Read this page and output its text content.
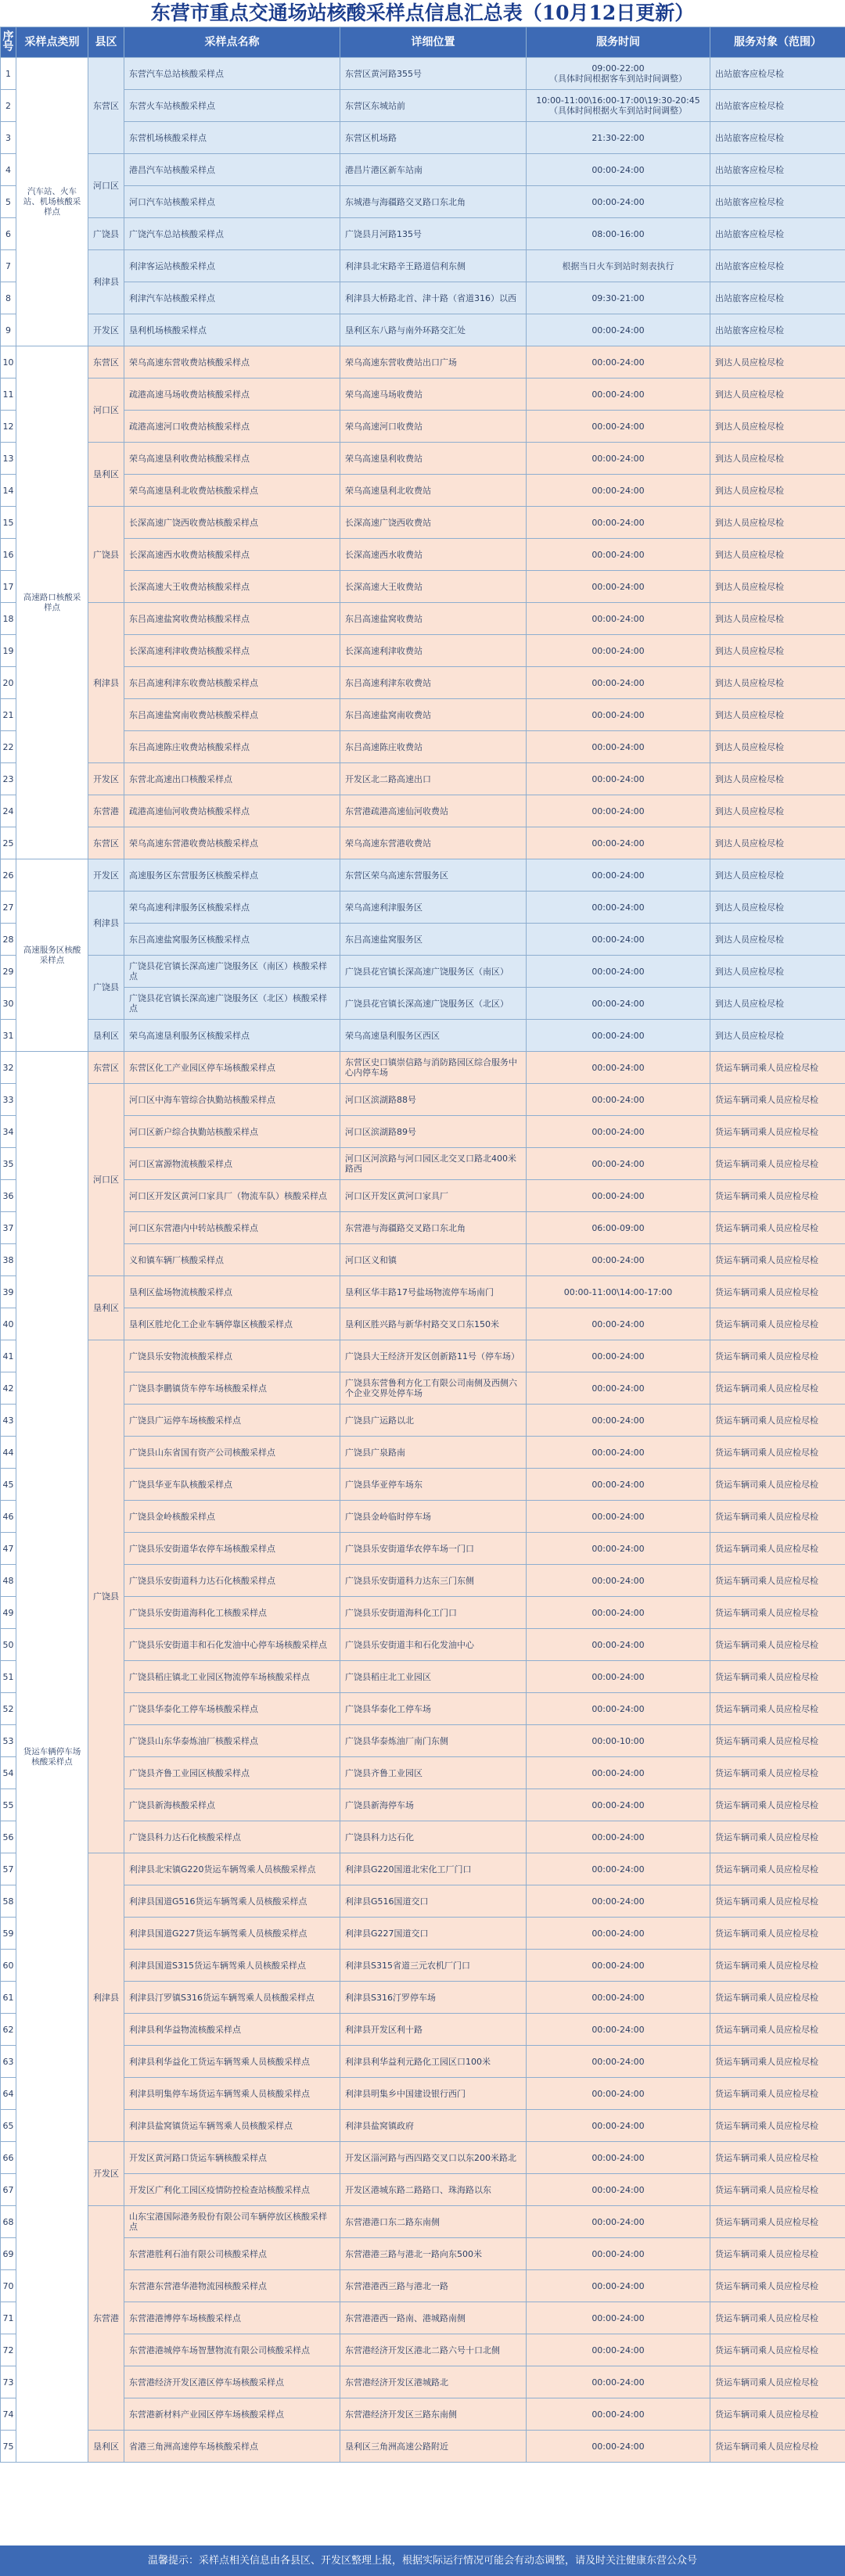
东营市重点交通场站核酸采样点信息汇总表（10月12日更新）
序号	采样点类别	县区	采样点名称	详细位置	服务时间	服务对象（范围）
1	汽车站、火车站、机场核酸采样点	东营区	东营汽车总站核酸采样点	东营区黄河路355号	09:00-22:00
（具体时间根据客车到站时间调整）	出站旅客应检尽检
2			东营火车站核酸采样点	东营区东城站前	10:00-11:00\16:00-17:00\19:30-20:45
（具体时间根据火车到站时间调整）	出站旅客应检尽检
3			东营机场核酸采样点	东营区机场路	21:30-22:00	出站旅客应检尽检
4		河口区	港昌汽车站核酸采样点	港昌片港区新车站南	00:00-24:00	出站旅客应检尽检
5			河口汽车站核酸采样点	东城港与海疆路交叉路口东北角	00:00-24:00	出站旅客应检尽检
6		广饶县	广饶汽车总站核酸采样点	广饶县月河路135号	08:00-16:00	出站旅客应检尽检
7		利津县	利津客运站核酸采样点	利津县北宋路辛王路道信利东侧	根据当日火车到站时刻表执行	出站旅客应检尽检
8			利津汽车站核酸采样点	利津县大桥路北首、津十路（省道316）以西	09:30-21:00	出站旅客应检尽检
9		开发区	垦利机场核酸采样点	垦利区东八路与南外环路交汇处	00:00-24:00	出站旅客应检尽检
10	高速路口核酸采样点	东营区	荣乌高速东营收费站核酸采样点	荣乌高速东营收费站出口广场	00:00-24:00	到达人员应检尽检
11		河口区	疏港高速马场收费站核酸采样点	荣乌高速马场收费站	00:00-24:00	到达人员应检尽检
12			疏港高速河口收费站核酸采样点	荣乌高速河口收费站	00:00-24:00	到达人员应检尽检
13		垦利区	荣乌高速垦利收费站核酸采样点	荣乌高速垦利收费站	00:00-24:00	到达人员应检尽检
14			荣乌高速垦利北收费站核酸采样点	荣乌高速垦利北收费站	00:00-24:00	到达人员应检尽检
15		广饶县	长深高速广饶西收费站核酸采样点	长深高速广饶西收费站	00:00-24:00	到达人员应检尽检
16			长深高速西水收费站核酸采样点	长深高速西水收费站	00:00-24:00	到达人员应检尽检
17			长深高速大王收费站核酸采样点	长深高速大王收费站	00:00-24:00	到达人员应检尽检
18		利津县	东吕高速盐窝收费站核酸采样点	东吕高速盐窝收费站	00:00-24:00	到达人员应检尽检
19			长深高速利津收费站核酸采样点	长深高速利津收费站	00:00-24:00	到达人员应检尽检
20			东吕高速利津东收费站核酸采样点	东吕高速利津东收费站	00:00-24:00	到达人员应检尽检
21			东吕高速盐窝南收费站核酸采样点	东吕高速盐窝南收费站	00:00-24:00	到达人员应检尽检
22			东吕高速陈庄收费站核酸采样点	东吕高速陈庄收费站	00:00-24:00	到达人员应检尽检
23		开发区	东营北高速出口核酸采样点	开发区北二路高速出口	00:00-24:00	到达人员应检尽检
24		东营港	疏港高速仙河收费站核酸采样点	东营港疏港高速仙河收费站	00:00-24:00	到达人员应检尽检
25		东营区	荣乌高速东营港收费站核酸采样点	荣乌高速东营港收费站	00:00-24:00	到达人员应检尽检
26	高速服务区核酸采样点	开发区	高速服务区东营服务区核酸采样点	东营区荣乌高速东营服务区	00:00-24:00	到达人员应检尽检
27		利津县	荣乌高速利津服务区核酸采样点	荣乌高速利津服务区	00:00-24:00	到达人员应检尽检
28			东吕高速盐窝服务区核酸采样点	东吕高速盐窝服务区	00:00-24:00	到达人员应检尽检
29		广饶县	广饶县花官镇长深高速广饶服务区（南区）核酸采样点	广饶县花官镇长深高速广饶服务区（南区）	00:00-24:00	到达人员应检尽检
30			广饶县花官镇长深高速广饶服务区（北区）核酸采样点	广饶县花官镇长深高速广饶服务区（北区）	00:00-24:00	到达人员应检尽检
31		垦利区	荣乌高速垦利服务区核酸采样点	荣乌高速垦利服务区西区	00:00-24:00	到达人员应检尽检
32	货运车辆停车场核酸采样点	东营区	东营区化工产业园区停车场核酸采样点	东营区史口镇崇信路与消防路园区综合服务中心内停车场	00:00-24:00	货运车辆司乘人员应检尽检
33		河口区	河口区中海车管综合执勤站核酸采样点	河口区滨湖路88号	00:00-24:00	货运车辆司乘人员应检尽检
34			河口区新户综合执勤站核酸采样点	河口区滨湖路89号	00:00-24:00	货运车辆司乘人员应检尽检
35			河口区富源物流核酸采样点	河口区河滨路与河口园区北交叉口路北400米路西	00:00-24:00	货运车辆司乘人员应检尽检
36			河口区开发区黄河口家具厂（物流车队）核酸采样点	河口区开发区黄河口家具厂	00:00-24:00	货运车辆司乘人员应检尽检
37			河口区东营港内中转站核酸采样点	东营港与海疆路交叉路口东北角	06:00-09:00	货运车辆司乘人员应检尽检
38			义和镇车辆厂核酸采样点	河口区义和镇	00:00-24:00	货运车辆司乘人员应检尽检
39		垦利区	垦利区盐场物流核酸采样点	垦利区华丰路17号盐场物流停车场南门	00:00-11:00\14:00-17:00	货运车辆司乘人员应检尽检
40			垦利区胜坨化工企业车辆停靠区核酸采样点	垦利区胜兴路与新华村路交叉口东150米	00:00-24:00	货运车辆司乘人员应检尽检
41		广饶县	广饶县乐安物流核酸采样点	广饶县大王经济开发区创新路11号（停车场）	00:00-24:00	货运车辆司乘人员应检尽检
42			广饶县李鹏镇货车停车场核酸采样点	广饶县东营鲁利方化工有限公司南侧及西侧六个企业交界处停车场	00:00-24:00	货运车辆司乘人员应检尽检
43			广饶县广运停车场核酸采样点	广饶县广运路以北	00:00-24:00	货运车辆司乘人员应检尽检
44			广饶县山东省国有资产公司核酸采样点	广饶县广泉路南	00:00-24:00	货运车辆司乘人员应检尽检
45			广饶县华亚车队核酸采样点	广饶县华亚停车场东	00:00-24:00	货运车辆司乘人员应检尽检
46			广饶县金岭核酸采样点	广饶县金岭临时停车场	00:00-24:00	货运车辆司乘人员应检尽检
47			广饶县乐安街道华农停车场核酸采样点	广饶县乐安街道华农停车场一门口	00:00-24:00	货运车辆司乘人员应检尽检
48			广饶县乐安街道科力达石化核酸采样点	广饶县乐安街道科力达东三门东侧	00:00-24:00	货运车辆司乘人员应检尽检
49			广饶县乐安街道海科化工核酸采样点	广饶县乐安街道海科化工门口	00:00-24:00	货运车辆司乘人员应检尽检
50			广饶县乐安街道丰和石化发油中心停车场核酸采样点	广饶县乐安街道丰和石化发油中心	00:00-24:00	货运车辆司乘人员应检尽检
51			广饶县稻庄镇北工业园区物流停车场核酸采样点	广饶县稻庄北工业园区	00:00-24:00	货运车辆司乘人员应检尽检
52			广饶县华泰化工停车场核酸采样点	广饶县华泰化工停车场	00:00-24:00	货运车辆司乘人员应检尽检
53			广饶县山东华泰炼油厂核酸采样点	广饶县华泰炼油厂南门东侧	00:00-10:00	货运车辆司乘人员应检尽检
54			广饶县齐鲁工业园区核酸采样点	广饶县齐鲁工业园区	00:00-24:00	货运车辆司乘人员应检尽检
55			广饶县新海核酸采样点	广饶县新海停车场	00:00-24:00	货运车辆司乘人员应检尽检
56			广饶县科力达石化核酸采样点	广饶县科力达石化	00:00-24:00	货运车辆司乘人员应检尽检
57		利津县	利津县北宋镇G220货运车辆驾乘人员核酸采样点	利津县G220国道北宋化工厂门口	00:00-24:00	货运车辆司乘人员应检尽检
58			利津县国道G516货运车辆驾乘人员核酸采样点	利津县G516国道交口	00:00-24:00	货运车辆司乘人员应检尽检
59			利津县国道G227货运车辆驾乘人员核酸采样点	利津县G227国道交口	00:00-24:00	货运车辆司乘人员应检尽检
60			利津县国道S315货运车辆驾乘人员核酸采样点	利津县S315省道三元农机厂门口	00:00-24:00	货运车辆司乘人员应检尽检
61			利津县汀罗镇S316货运车辆驾乘人员核酸采样点	利津县S316汀罗停车场	00:00-24:00	货运车辆司乘人员应检尽检
62			利津县利华益物流核酸采样点	利津县开发区利十路	00:00-24:00	货运车辆司乘人员应检尽检
63			利津县利华益化工货运车辆驾乘人员核酸采样点	利津县利华益利元路化工园区口100米	00:00-24:00	货运车辆司乘人员应检尽检
64			利津县明集停车场货运车辆驾乘人员核酸采样点	利津县明集乡中国建设银行西门	00:00-24:00	货运车辆司乘人员应检尽检
65			利津县盐窝镇货运车辆驾乘人员核酸采样点	利津县盐窝镇政府	00:00-24:00	货运车辆司乘人员应检尽检
66		开发区	开发区黄河路口货运车辆核酸采样点	开发区淄河路与西四路交叉口以东200米路北	00:00-24:00	货运车辆司乘人员应检尽检
67			开发区广利化工园区疫情防控检查站核酸采样点	开发区港城东路二路路口、珠海路以东	00:00-24:00	货运车辆司乘人员应检尽检
68		东营港	山东宝港国际港务股份有限公司车辆停放区核酸采样点	东营港港口东二路东南侧	00:00-24:00	货运车辆司乘人员应检尽检
69			东营港胜利石油有限公司核酸采样点	东营港港三路与港北一路向东500米	00:00-24:00	货运车辆司乘人员应检尽检
70			东营港东营港华港物流园核酸采样点	东营港港西三路与港北一路	00:00-24:00	货运车辆司乘人员应检尽检
71			东营港港博停车场核酸采样点	东营港港西一路南、港城路南侧	00:00-24:00	货运车辆司乘人员应检尽检
72			东营港港城停车场智慧物流有限公司核酸采样点	东营港经济开发区港北二路六号十口北侧	00:00-24:00	货运车辆司乘人员应检尽检
73			东营港经济开发区港区停车场核酸采样点	东营港经济开发区港城路北	00:00-24:00	货运车辆司乘人员应检尽检
74			东营港新材料产业园区停车场核酸采样点	东营港经济开发区三路东南侧	00:00-24:00	货运车辆司乘人员应检尽检
75		垦利区	省港三角洲高速停车场核酸采样点	垦利区三角洲高速公路附近	00:00-24:00	货运车辆司乘人员应检尽检
温馨提示：采样点相关信息由各县区、开发区整理上报，根据实际运行情况可能会有动态调整，请及时关注健康东营公众号
